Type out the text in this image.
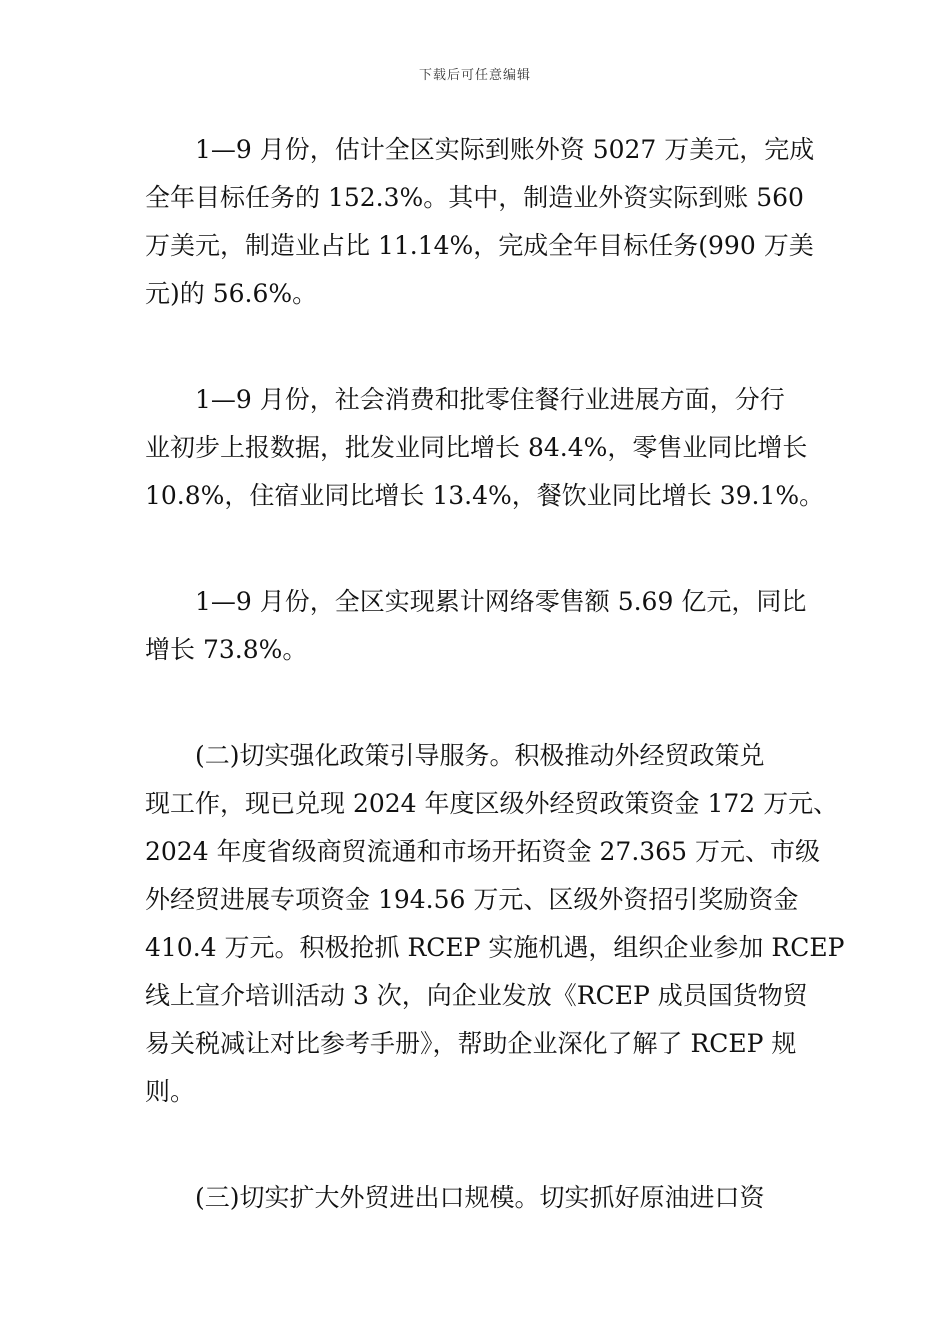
下载后可任意编辑

1—9 月份，估计全区实际到账外资 5027 万美元，完成
全年目标任务的 152.3%。其中，制造业外资实际到账 560
万美元，制造业占比 11.14%，完成全年目标任务(990 万美
元)的 56.6%。

1—9 月份，社会消费和批零住餐行业进展方面，分行
业初步上报数据，批发业同比增长 84.4%，零售业同比增长
10.8%，住宿业同比增长 13.4%，餐饮业同比增长 39.1%。

1—9 月份，全区实现累计网络零售额 5.69 亿元，同比
增长 73.8%。

(二)切实强化政策引导服务。积极推动外经贸政策兑
现工作，现已兑现 2024 年度区级外经贸政策资金 172 万元、
2024 年度省级商贸流通和市场开拓资金 27.365 万元、市级
外经贸进展专项资金 194.56 万元、区级外资招引奖励资金
410.4 万元。积极抢抓 RCEP 实施机遇，组织企业参加 RCEP
线上宣介培训活动 3 次，向企业发放《RCEP 成员国货物贸
易关税减让对比参考手册》，帮助企业深化了解了 RCEP 规
则。

(三)切实扩大外贸进出口规模。切实抓好原油进口资
